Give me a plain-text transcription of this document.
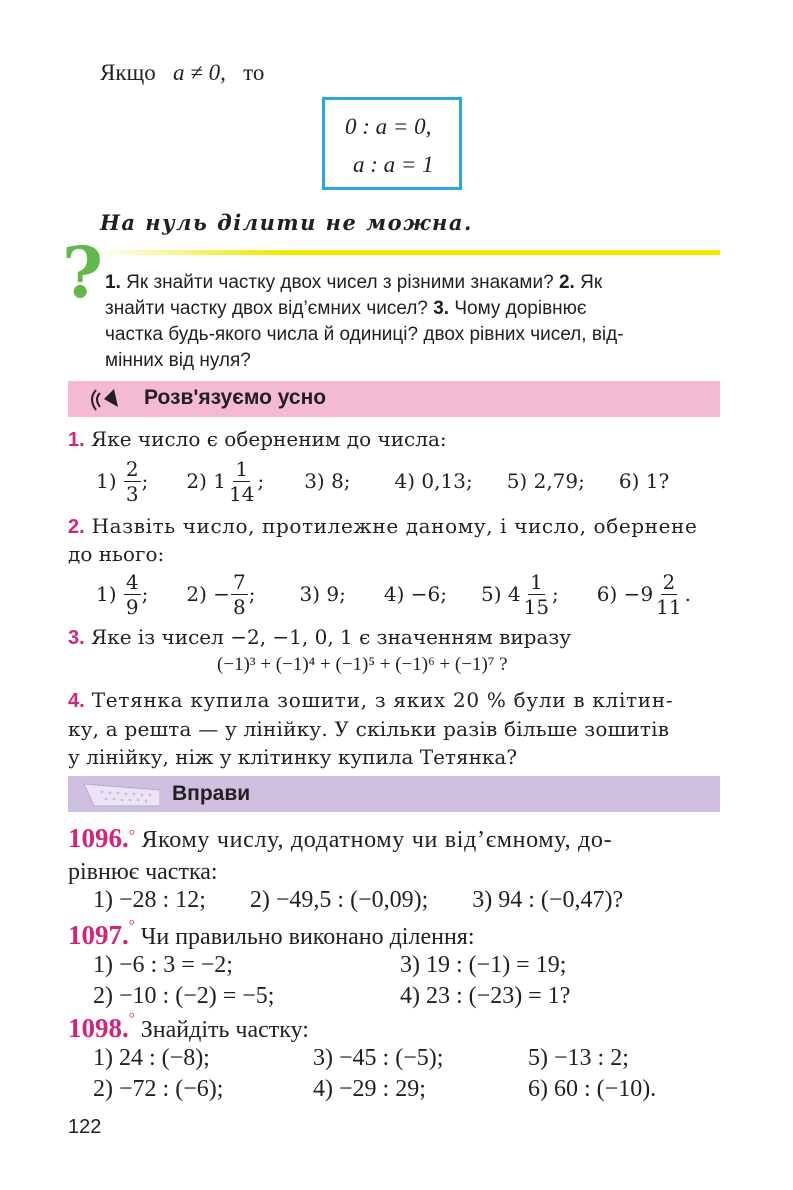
Якщо a ≠ 0, то
0 : a = 0,
a : a = 1
На нуль ділити не можна.
? 1. Як знайти частку двох чисел з різними знаками? 2. Як
знайти частку двох від’ємних чисел? 3. Чому дорівнює
частка будь-якого числа й одиниці? двох рівних чисел, від-
мінних від нуля?
Розв'язуємо усно
1. Яке число є оберненим до числа:
1)
$\frac{2}{3}$ ; 2) $1 \frac{1}{14}$ ; 3) 8; 4) 0,13; 5) 2,79; 6) 1?
2. Назвіть число, протилежне даному, і число, обернене
до нього:
1)
$\frac{4}{9}$ ; $2) - \frac{7}{8}$ ; 3) 9; 4) −6; 5) $4 \frac{1}{15}$ ; $6) -9 \frac{2}{11}$ .
3. Яке із чисел −2, −1, 0, 1 є значенням виразу
(−1)³ + (−1)⁴ + (−1)⁵ + (−1)⁶ + (−1)⁷ ?
4. Тетянка купила зошити, з яких 20 % були в клітин-
ку, а решта — у лінійку. У скільки разів більше зошитів
у лінійку, ніж у клітинку купила Тетянка?
Вправи
1096.° Якому числу, додатному чи від’ємному, до-
рівнює частка:
1) −28 : 12; 2) −49,5 : (−0,09); 3) 94 : (−0,47)?
1097.° Чи правильно виконано ділення:
1) −6 : 3 = −2;	3) 19 : (−1) = 19;
2) −10 : (−2) = −5;	4) 23 : (−23) = 1?
1098.° Знайдіть частку:
1) 24 : (−8);	3) −45 : (−5);	5) −13 : 2;
2) −72 : (−6);	4) −29 : 29;	6) 60 : (−10).
122
